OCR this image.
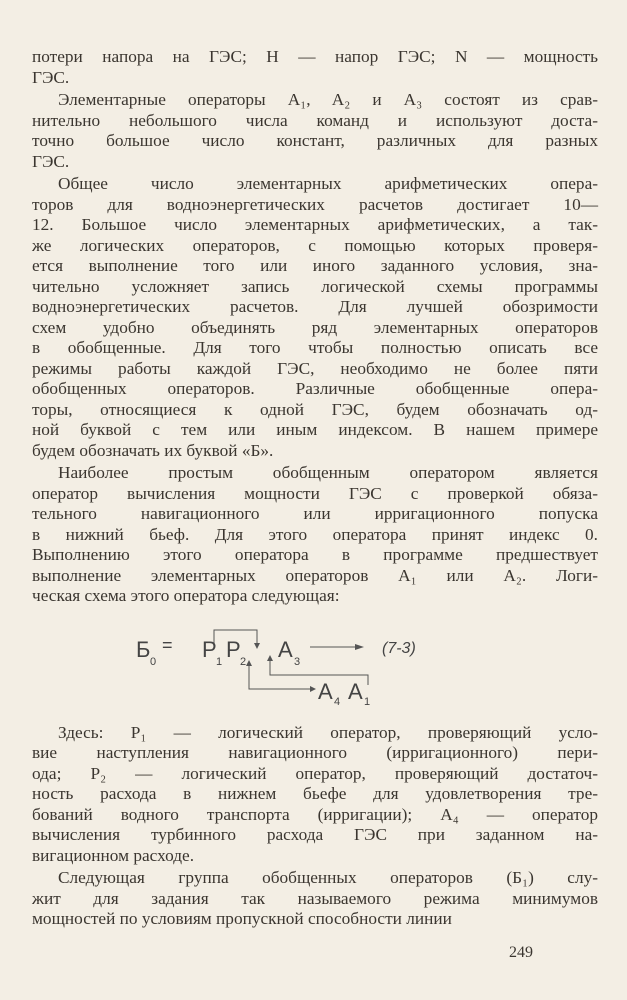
потери напора на ГЭС; H — напор ГЭС; N — мощность
ГЭС.
Элементарные операторы A₁, A₂ и A₃ состоят из срав-
нительно небольшого числа команд и используют доста-
точно большое число констант, различных для разных
ГЭС.
Общее число элементарных арифметических опера-
торов для водноэнергетических расчетов достигает 10—
12. Большое число элементарных арифметических, а так-
же логических операторов, с помощью которых проверя-
ется выполнение того или иного заданного условия, зна-
чительно усложняет запись логической схемы программы
водноэнергетических расчетов. Для лучшей обозримости
схем удобно объединять ряд элементарных операторов
в обобщенные. Для того чтобы полностью описать все
режимы работы каждой ГЭС, необходимо не более пяти
обобщенных операторов. Различные обобщенные опера-
торы, относящиеся к одной ГЭС, будем обозначать од-
ной буквой с тем или иным индексом. В нашем примере
будем обозначать их буквой «Б».
Наиболее простым обобщенным оператором является
оператор вычисления мощности ГЭС с проверкой обяза-
тельного навигационного или ирригационного попуска
в нижний бьеф. Для этого оператора принят индекс 0.
Выполнению этого оператора в программе предшествует
выполнение элементарных операторов A₁ или A₂. Логи-
ческая схема этого оператора следующая:
Б 0
= P 1 P 2 A 3
A 4 A 1
(7-3)
Здесь: P₁ — логический оператор, проверяющий усло-
вие наступления навигационного (ирригационного) пери-
ода; P₂ — логический оператор, проверяющий достаточ-
ность расхода в нижнем бьефе для удовлетворения тре-
бований водного транспорта (ирригации); A₄ — оператор
вычисления турбинного расхода ГЭС при заданном на-
вигационном расходе.
Следующая группа обобщенных операторов (Б₁) слу-
жит для задания так называемого режима минимумов
мощностей по условиям пропускной способности линии
249
